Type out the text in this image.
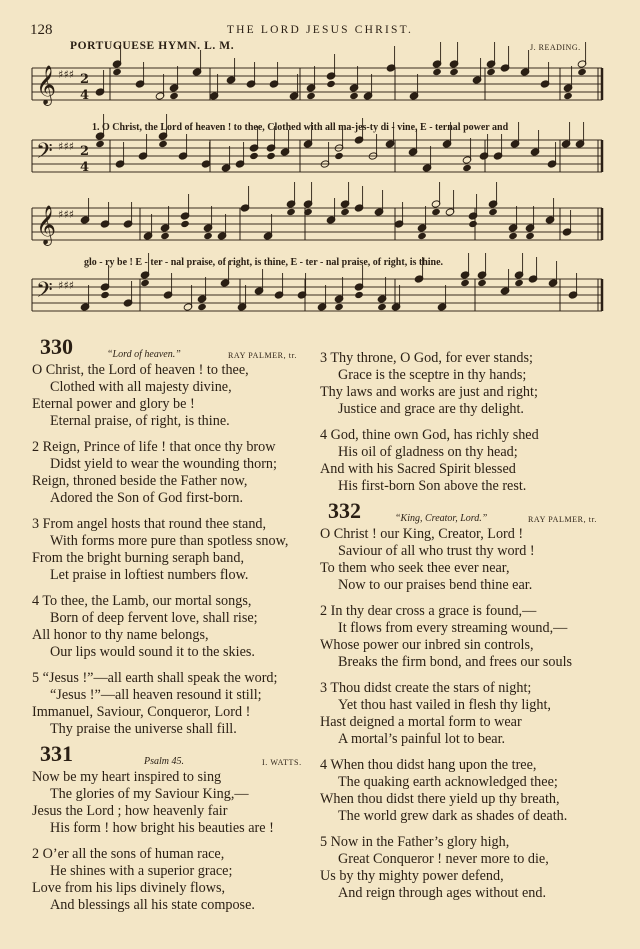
128	THE LORD JESUS CHRIST.
PORTUGUESE HYMN. L. M.	J. READING.
𝄞 ♯♯♯ 2
4
𝄢 ♯♯♯ 2
4
𝄞 ♯♯♯
𝄢 ♯♯♯
1. O Christ, the Lord of heaven ! to thee, Clothed with all ma-jes-ty di - vine, E - ternal power and
glo - ry be ! E - ter - nal praise, of right, is thine, E - ter - nal praise, of right, is thine.
330	“Lord of heaven.”	RAY PALMER, tr.
O Christ, the Lord of heaven ! to thee,
Clothed with all majesty divine,
Eternal power and glory be !
Eternal praise, of right, is thine.
2 Reign, Prince of life ! that once thy brow
Didst yield to wear the wounding thorn;
Reign, throned beside the Father now,
Adored the Son of God first-born.
3 From angel hosts that round thee stand,
With forms more pure than spotless snow,
From the bright burning seraph band,
Let praise in loftiest numbers flow.
4 To thee, the Lamb, our mortal songs,
Born of deep fervent love, shall rise;
All honor to thy name belongs,
Our lips would sound it to the skies.
5 “Jesus !”—all earth shall speak the word;
“Jesus !”—all heaven resound it still;
Immanuel, Saviour, Conqueror, Lord !
Thy praise the universe shall fill.
331	Psalm 45.	I. WATTS.
Now be my heart inspired to sing
The glories of my Saviour King,—
Jesus the Lord ; how heavenly fair
His form ! how bright his beauties are !
2 O’er all the sons of human race,
He shines with a superior grace;
Love from his lips divinely flows,
And blessings all his state compose.
3 Thy throne, O God, for ever stands;
Grace is the sceptre in thy hands;
Thy laws and works are just and right;
Justice and grace are thy delight.
4 God, thine own God, has richly shed
His oil of gladness on thy head;
And with his Sacred Spirit blessed
His first-born Son above the rest.
332	“King, Creator, Lord.”	RAY PALMER, tr.
O Christ ! our King, Creator, Lord !
Saviour of all who trust thy word !
To them who seek thee ever near,
Now to our praises bend thine ear.
2 In thy dear cross a grace is found,—
It flows from every streaming wound,—
Whose power our inbred sin controls,
Breaks the firm bond, and frees our souls
3 Thou didst create the stars of night;
Yet thou hast vailed in flesh thy light,
Hast deigned a mortal form to wear
A mortal’s painful lot to bear.
4 When thou didst hang upon the tree,
The quaking earth acknowledged thee;
When thou didst there yield up thy breath,
The world grew dark as shades of death.
5 Now in the Father’s glory high,
Great Conqueror ! never more to die,
Us by thy mighty power defend,
And reign through ages without end.
